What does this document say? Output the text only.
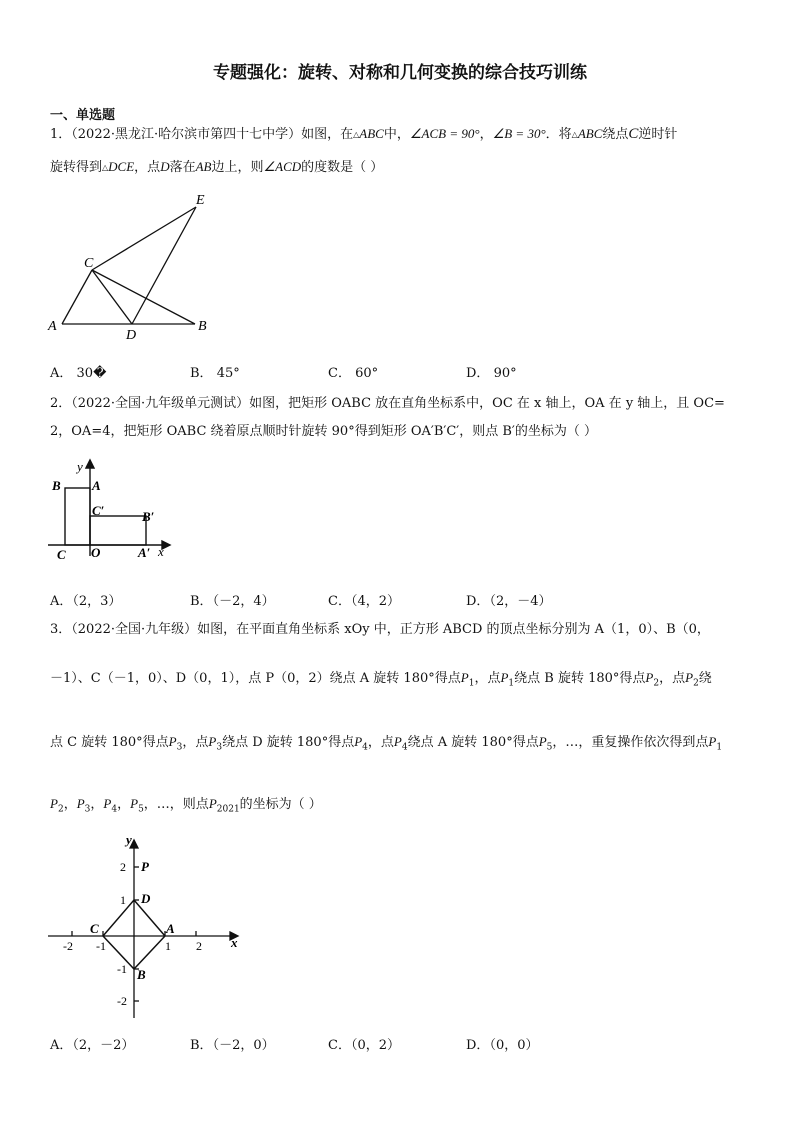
专题强化：旋转、对称和几何变换的综合技巧训练
一、单选题
1．（2022·黑龙江·哈尔滨市第四十七中学）如图，在△ABC中，∠ACB = 90°，∠B = 30°．将△ABC绕点C逆时针
旋转得到△DCE，点D落在AB边上，则∠ACD的度数是（ ）
A	B
C
D
E
A． 30�	B． 45°	C． 60°	D． 90°
2．（2022·全国·九年级单元测试）如图，把矩形 OABC 放在直角坐标系中，OC 在 x 轴上，OA 在 y 轴上，且 OC=
2，OA=4，把矩形 OABC 绕着原点顺时针旋转 90°得到矩形 OA′B′C′，则点 B′的坐标为（ ）
y
x
B A
C′	B′
C O	A′
A．（2，3）	B．（－2，4）	C．（4，2）	D．（2，－4）
3．（2022·全国·九年级）如图，在平面直角坐标系 xOy 中，正方形 ABCD 的顶点坐标分别为 A（1，0）、B（0，
－1）、C（－1，0）、D（0，1），点 P（0，2）绕点 A 旋转 180°得点$P_1$，点$P_1$绕点 B 旋转 180°得点$P_2$，点$P_2$绕
点 C 旋转 180°得点$P_3$，点$P_3$绕点 D 旋转 180°得点$P_4$，点$P_4$绕点 A 旋转 180°得点$P_5$，…，重复操作依次得到点$P_1$
$P_2$，$P_3$，$P_4$，$P_5$，…，则点$P_{2021}$的坐标为（ ）
y
x
P
D
C	A
B
2
1
-1
-2
-2 -1	1 2
A．（2，－2）	B．（－2，0）	C．（0，2）	D．（0，0）
